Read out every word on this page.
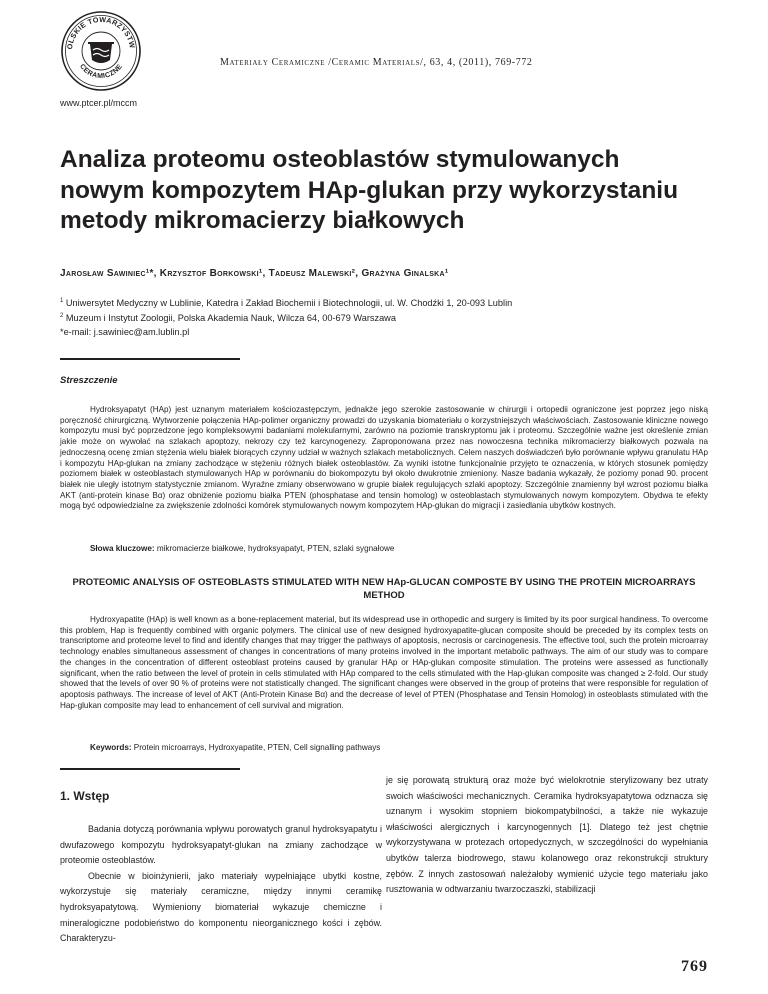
OLSKIE TOWARZYSTW
CERAMICZNE
www.ptcer.pl/mccm
Materiały Ceramiczne /Ceramic Materials/, 63, 4, (2011), 769-772
Analiza proteomu osteoblastów stymulowanych nowym kompozytem HAp-glukan przy wykorzystaniu metody mikromacierzy białkowych
Jarosław Sawiniec¹*, Krzysztof Borkowski¹, Tadeusz Malewski², Grażyna Ginalska¹

$^1$ Uniwersytet Medyczny w Lublinie, Katedra i Zakład Biochemii i Biotechnologii, ul. W. Chodźki 1, 20-093 Lublin

$^2$ Muzeum i Instytut Zoologii, Polska Akademia Nauk, Wilcza 64, 00-679 Warszawa

*e-mail: j.sawiniec@am.lublin.pl

Streszczenie

Hydroksyapatyt (HAp) jest uznanym materiałem kościozastępczym, jednakże jego szerokie zastosowanie w chirurgii i ortopedii ograniczone jest poprzez jego niską poręczność chirurgiczną. Wytworzenie połączenia HAp-polimer organiczny prowadzi do uzyskania biomateriału o korzystniejszych właściwościach. Zastosowanie kliniczne nowego kompozytu musi być poprzedzone jego kompleksowymi badaniami molekularnymi, zarówno na poziomie transkryptomu jak i proteomu. Szczególnie ważne jest określenie zmian jakie może on wywołać na szlakach apoptozy, nekrozy czy też karcynogenezy. Zaproponowana przez nas nowoczesna technika mikromacierzy białkowych pozwala na jednoczesną ocenę zmian stężenia wielu białek biorących czynny udział w ważnych szlakach metabolicznych. Celem naszych doświadczeń było porównanie wpływu granulatu HAp i kompozytu HAp-glukan na zmiany zachodzące w stężeniu różnych białek osteoblastów. Za wyniki istotne funkcjonalnie przyjęto te oznaczenia, w których stosunek pomiędzy poziomem białek w osteoblastach stymulowanych HAp w porównaniu do biokompozytu był około dwukrotnie zmieniony. Nasze badania wykazały, że poziomy ponad 90. procent białek nie uległy istotnym statystycznie zmianom. Wyraźne zmiany obserwowano w grupie białek regulujących szlaki apoptozy. Szczególnie znamienny był wzrost poziomu białka AKT (anti-protein kinase Bα) oraz obniżenie poziomu białka PTEN (phosphatase and tensin homolog) w osteoblastach stymulowanych nowym kompozytem. Obydwa te efekty mogą być odpowiedzialne za zwiększenie zdolności komórek stymulowanych nowym kompozytem HAp-glukan do migracji i zasiedlania ubytków kostnych.

Słowa kluczowe: mikromacierze białkowe, hydroksyapatyt, PTEN, szlaki sygnałowe

PROTEOMIC ANALYSIS OF OSTEOBLASTS STIMULATED WITH NEW HAp-GLUCAN COMPOSTE BY USING THE PROTEIN MICROARRAYS METHOD

Hydroxyapatite (HAp) is well known as a bone-replacement material, but its widespread use in orthopedic and surgery is limited by its poor surgical handiness. To overcome this problem, Hap is frequently combined with organic polymers. The clinical use of new designed hydroxyapatite-glucan composite should be preceded by its complex tests on transcriptome and proteome level to find and identify changes that may trigger the pathways of apoptosis, necrosis or carcinogenesis. The effective tool, such the protein microarray technology enables simultaneous assessment of changes in concentrations of many proteins involved in the important metabolic pathways. The aim of our study was to compare the changes in the concentration of different osteoblast proteins caused by granular HAp or HAp-glukan composite stimulation. The proteins were assessed as functionally significant, when the ratio between the level of protein in cells stimulated with HAp compared to the cells stimulated with the Hap-glukan composite was changed ≥ 2-fold. Our study showed that the levels of over 90 % of proteins were not statistically changed. The significant changes were observed in the group of proteins that were responsible for regulation of apoptosis pathways. The increase of level of AKT (Anti-Protein Kinase Bα) and the decrease of level of PTEN (Phosphatase and Tensin Homolog) in osteoblasts stimulated with the Hap-glukan composite may lead to enhancement of cell survival and migration.

Keywords: Protein microarrays, Hydroxyapatite, PTEN, Cell signalling pathways

1. Wstęp

Badania dotyczą porównania wpływu porowatych granul hydroksyapatytu i dwufazowego kompozytu hydroksyapatyt-glukan na zmiany zachodzące w proteomie osteoblastów.

Obecnie w bioinżynierii, jako materiały wypełniające ubytki kostne, wykorzystuje się materiały ceramiczne, między innymi ceramikę hydroksyapatytową. Wymieniony biomateriał wykazuje chemiczne i mineralogiczne podobieństwo do komponentu nieorganicznego kości i zębów. Charakteryzu-

je się porowatą strukturą oraz może być wielokrotnie sterylizowany bez utraty swoich właściwości mechanicznych. Ceramika hydroksyapatytowa odznacza się uznanym i wysokim stopniem biokompatybilności, a także nie wykazuje właściwości alergicznych i karcynogennych [1]. Dlatego też jest chętnie wykorzystywana w protezach ortopedycznych, w szczególności do wypełniania ubytków talerza biodrowego, stawu kolanowego oraz rekonstrukcji struktury zębów. Z innych zastosowań należałoby wymienić użycie tego materiału jako rusztowania w odtwarzaniu twarzoczaszki, stabilizacji

769
